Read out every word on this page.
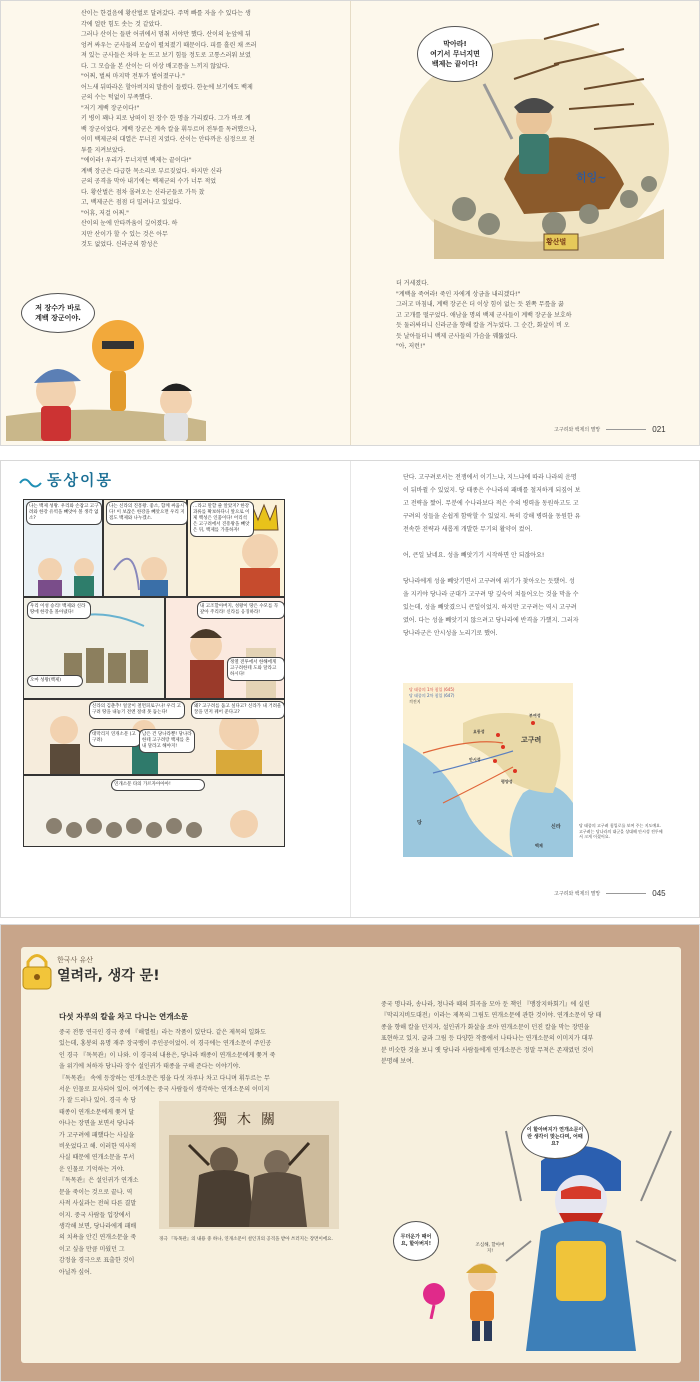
산이는 한걸음에 황산벌로 달려갔다. 주먹 빠를 자을 수 있다는 생

각에 얼란 힘도 솟는 것 같았다.

그러나 산이는 들판 어귀에서 멈춰 서야만 했다. 산이의 눈앞에 뒤

엉켜 싸우는 군사들의 모습이 펼쳐졌기 때문이다. 피를 흘린 채 쓰러

져 있는 군사들은 차마 눈 뜨고 보기 힘들 정도로 고통스러워 보였

다. 그 모습을 본 산이는 더 이상 배고픔을 느끼지 않았다.

"어쩌, 벌써 마지막 전투가 벌어졌구나."

어느새 뒤따라온 할아버지의 말씀이 들렸다. 한눈에 보기에도 백제

군의 수는 턱없이 부족했다.

"저기 계백 장군이다!"

키 병이 꽤나 피로 낭떠이 된 장수 한 명을 가리켰다. 그가 바로 계

백 장군이었다. 계백 장군은 계속 칼을 휘두르며 전투를 독려했으나,

이미 백제군의 대열은 무너진 지였다. 산이는 안타까운 심정으로 전

투를 지켜보았다.

"에이라! 우리가 무너지면 백제는 끝이다!"

계백 장군은 다급한 목소리로 부르짖었다. 하지만 신라

군의 공격을 막아 내기에는 백제군의 수가 너무 적었

다. 황산벌은 점차 몰려오는 신라군들로 가득 찼

고, 백제군은 점점 더 밀려나고 있었다.

"어휴, 저걸 어쩌."

산이의 눈에 안타까움이 깊어졌다. 하

지만 산이가 할 수 있는 것은 아무

것도 없었다. 신라군의 함성은

막아라!
여기서 무너지면
백제는 끝이다!
히잉~
황산벌
저 장수가 바로
계백 장군이야.

더 거세졌다.

"계백을 죽여라! 죽인 자에게 상금을 내리겠다!"

그러고 마침내, 계백 장군은 더 이상 힘이 없는 듯 왼쪽 무릎을 끓

고 고개를 떨구었다. 애남을 명의 백제 군사들이 계백 장군을 보호하

듯 둘러싸더니 신라군을 향해 칼을 겨누었다. 그 순간, 화살이 비 오

듯 날아들더니 백제 군사들의 가슴을 꿰뚫었다.

"아, 저런!"

고구려와 백제의 멸망	021
동상이몽
나는 백제 성왕. 우리와 손잡고 고구려와 한강 유역을 빼앗아 볼 생각 없소?
나는 신라의 진흥왕. 좋소, 함께 싸웁시다! 이 보잖은 한강을 빼앗으면 우리 지점도 백제와 나누겠소.
…라고 말할 줄 알았지? 한강 과류를 확보하다니 앞으로 이제 백성은 인품이다! 어리석은 고구려에서 진흥왕을 빼앗은 뒤, 백제를 가플하자!
우리 이성 승리! 백제와 신라 땅에 한강을 몰아냈다!
내 고조할아버지, 성왕이 땅은 수모를 꼭 갚아 주리라! 신라를 응징하라!
오마 성왕(백제)
정열 전투에서 한해에게 고구려한테 도와 달라고 하시다!
신라의 김춘추! 얼굴이 철면피로구나! 우리 고구려 땅을 내놓기 전엔 절대 못 돕는다!
왜? 고구려를 돕고 싶다고? 신라가 내 거려울 꿀을 먼저 꿰어 준다고?
대막리지 연개소문 (고구려)
남은 건 당나라뿐! 당나라한테 고구려랑 백제를 혼내 달라고 해야지!
연개소문 타의 가르자아아아!

단다. 고구려로서는 전쟁에서 이기느냐, 지느냐에 따라 나라의 운명

이 뒤바뀔 수 있었지. 당 태종은 수나라의 패배를 철저하게 되짚어 보

고 전략을 짰어. 무분에 수나라보다 적은 수의 병력을 동원하고도 고

구려의 성들을 손쉽게 함락할 수 있었지. 특히 강해 병력을 동원한 유

전속한 전략과 새롭게 개발한 무기의 활약이 컸어.

어, 큰일 났네요. 성을 빼앗기기 시작하면 안 되잖아요!

당나라에게 성을 빼앗기면서 고구려에 위기가 찾아오는 듯했어. 성

을 지키야 당나라 군대가 고구려 땅 깊숙이 쳐들어오는 것을 막을 수

있는데, 성을 빼앗겼으니 큰일이었지. 하지만 고구려는 역시 고구려

였어. 다는 성을 빼앗기지 않으려고 당나라에 반격을 가했지. 그러자

당나라군은 안시성을 노리기로 했어.

당 태종의 1차 침입 (645)
당 태종의 2차 침입 (647)
격전지
고구려
당
신라
백제
평양성
요동성
안시성
부여성
당 태종의 고구려 침입로를 보여 주는 지도예요. 고구려는 당나라의 대군을 상대해 안시성 전투에서 크게 이겼어요.
고구려와 백제의 멸망	045
한국사 유산
열려라, 생각 문!
다섯 자루의 칼을 차고 다니는 연개소문

중국 전통 연극인 경극 중에 『해열원』라는 작품이 있단다. 같은 제목의 일화도

있는데, 홍봉의 유명 재주 장국맹이 주인공이었어. 이 경극에는 연개소문이 주인공

인 경극 『독목관』이 나와. 이 경극의 내용은, 당나라 배종이 연개소문에게 쫓겨 죽

을 위기에 처하자 당나라 장수 설인귀가 태종을 구해 준다는 이야기야.

『독목관』 속에 등장하는 연개소문은 평을 다섯 자루나 차고 다니며 휘두르는 무

서운 인물로 묘사되어 있어. 여기에는 중국 사람들이 생각하는 연개소문의 이미지

가 잘 드러나 있어. 경극 속 당

태종이 연개소문에게 쫓겨 달

아나는 장면을 보면서 당나라

가 고구려에 패했다는 사실을

비웃었다고 해. 이러한 역사적

사실 때문에 연개소문을 무서

운 인물로 기억하는 거야.

『독목관』은 설인귀가 연개소

문을 죽이는 것으로 끝나. 역

사적 사실과는 전혀 다른 결말

이지. 중국 사람들 입장에서

생각해 보면, 당나라에게 패배

의 치욕을 안긴 연개소문을 죽

이고 싶을 만큼 미웠던 그

감정을 경극으로 표출한 것이

아닐까 싶어.

獨木關
경극 『독목관』의 내용 중 하나, 연개소문이 설인귀의 공격을 받아 쓰러지는 장면이에요.

중국 명나라, 송나라, 청나라 때의 희곡을 모아 둔 책인 『맹장지하회기』에 실린

『막리지비도대전』이라는 제목의 그림도 연개소문에 관한 것이야. 연개소문이 당 태

종을 향해 칼을 던지자, 설인귀가 화살을 쏘아 연개소문이 던진 칼을 막는 장면을

표현하고 있지. 글과 그림 등 다양한 작품에서 나타나는 연개소문의 이미지가 대부

분 비슷한 것을 보니 옛 당나라 사람들에게 연개소문은 정말 무척은 존재였던 것이

분명해 보여.

이 할아버지가 연개소문이란 생각이 맞는다며, 어때요?
무더운가 때어요, 할아버지!	조심해, 할아버지!
